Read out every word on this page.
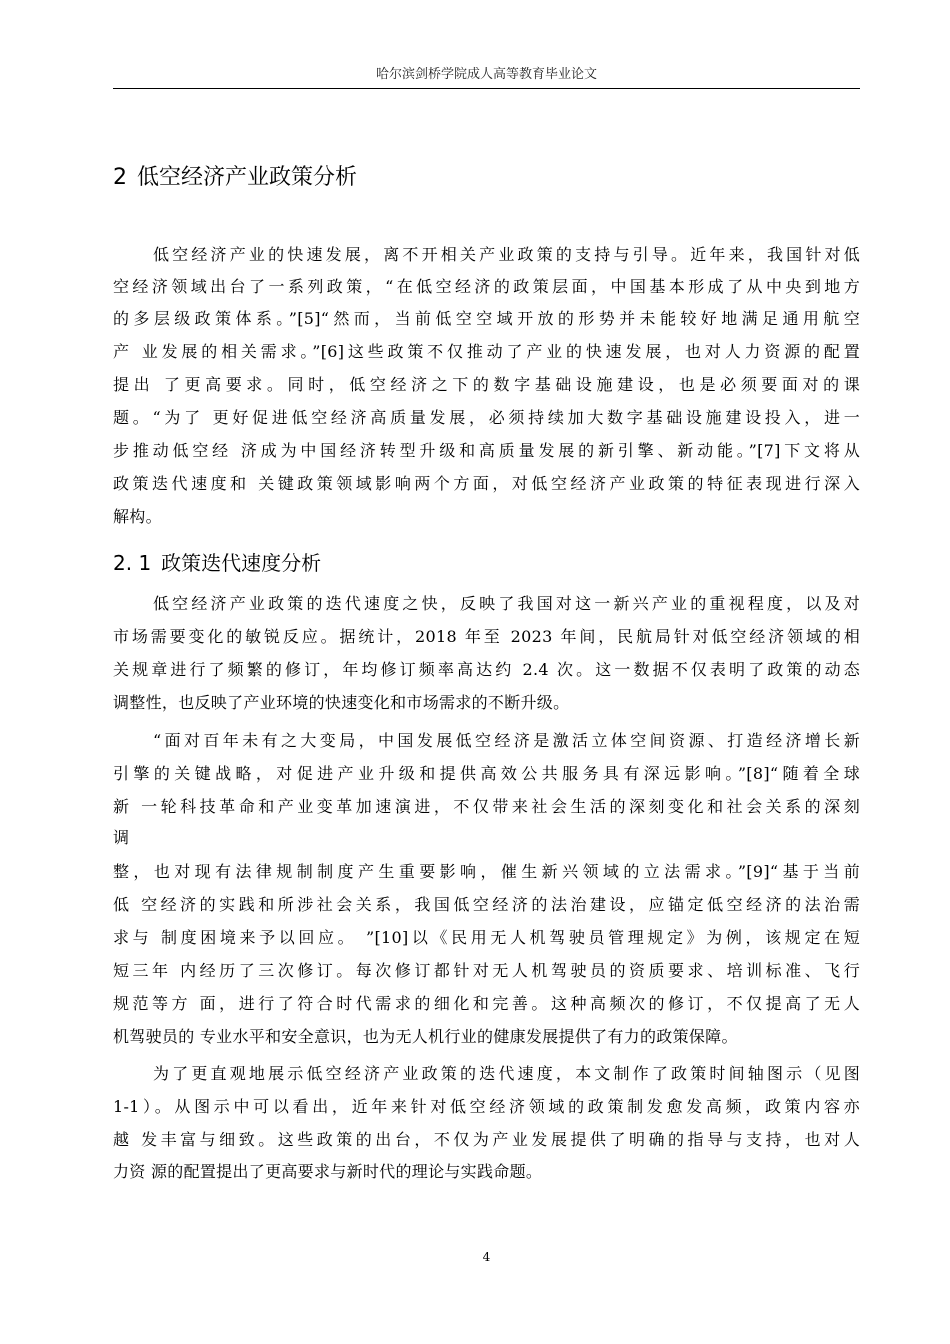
哈尔滨剑桥学院成人高等教育毕业论文
2 低空经济产业政策分析
低空经济产业的快速发展，离不开相关产业政策的支持与引导。近年来，我国针对低
空经济领域出台了一系列政策，“在低空经济的政策层面，中国基本形成了从中央到地方
的多层级政策体系。”[5]“然而，当前低空空域开放的形势并未能较好地满足通用航空
产 业发展的相关需求。”[6]这些政策不仅推动了产业的快速发展，也对人力资源的配置
提出 了更高要求。同时，低空经济之下的数字基础设施建设，也是必须要面对的课
题。“为了 更好促进低空经济高质量发展，必须持续加大数字基础设施建设投入，进一
步推动低空经 济成为中国经济转型升级和高质量发展的新引擎、新动能。”[7]下文将从
政策迭代速度和 关键政策领域影响两个方面，对低空经济产业政策的特征表现进行深入
解构。
2. 1 政策迭代速度分析
低空经济产业政策的迭代速度之快，反映了我国对这一新兴产业的重视程度，以及对
市场需要变化的敏锐反应。据统计，2018 年至 2023 年间，民航局针对低空经济领域的相
关规章进行了频繁的修订，年均修订频率高达约 2.4 次。这一数据不仅表明了政策的动态
调整性，也反映了产业环境的快速变化和市场需求的不断升级。
“面对百年未有之大变局，中国发展低空经济是激活立体空间资源、打造经济增长新
引擎的关键战略，对促进产业升级和提供高效公共服务具有深远影响。”[8]“随着全球
新 一轮科技革命和产业变革加速演进，不仅带来社会生活的深刻变化和社会关系的深刻
调
整，也对现有法律规制制度产生重要影响，催生新兴领域的立法需求。”[9]“基于当前
低 空经济的实践和所涉社会关系，我国低空经济的法治建设，应锚定低空经济的法治需
求与 制度困境来予以回应。 ”[10]以《民用无人机驾驶员管理规定》为例，该规定在短
短三年 内经历了三次修订。每次修订都针对无人机驾驶员的资质要求、培训标准、飞行
规范等方 面，进行了符合时代需求的细化和完善。这种高频次的修订，不仅提高了无人
机驾驶员的 专业水平和安全意识，也为无人机行业的健康发展提供了有力的政策保障。
为了更直观地展示低空经济产业政策的迭代速度，本文制作了政策时间轴图示（见图
1-1）。从图示中可以看出，近年来针对低空经济领域的政策制发愈发高频，政策内容亦
越 发丰富与细致。这些政策的出台，不仅为产业发展提供了明确的指导与支持，也对人
力资 源的配置提出了更高要求与新时代的理论与实践命题。
4
